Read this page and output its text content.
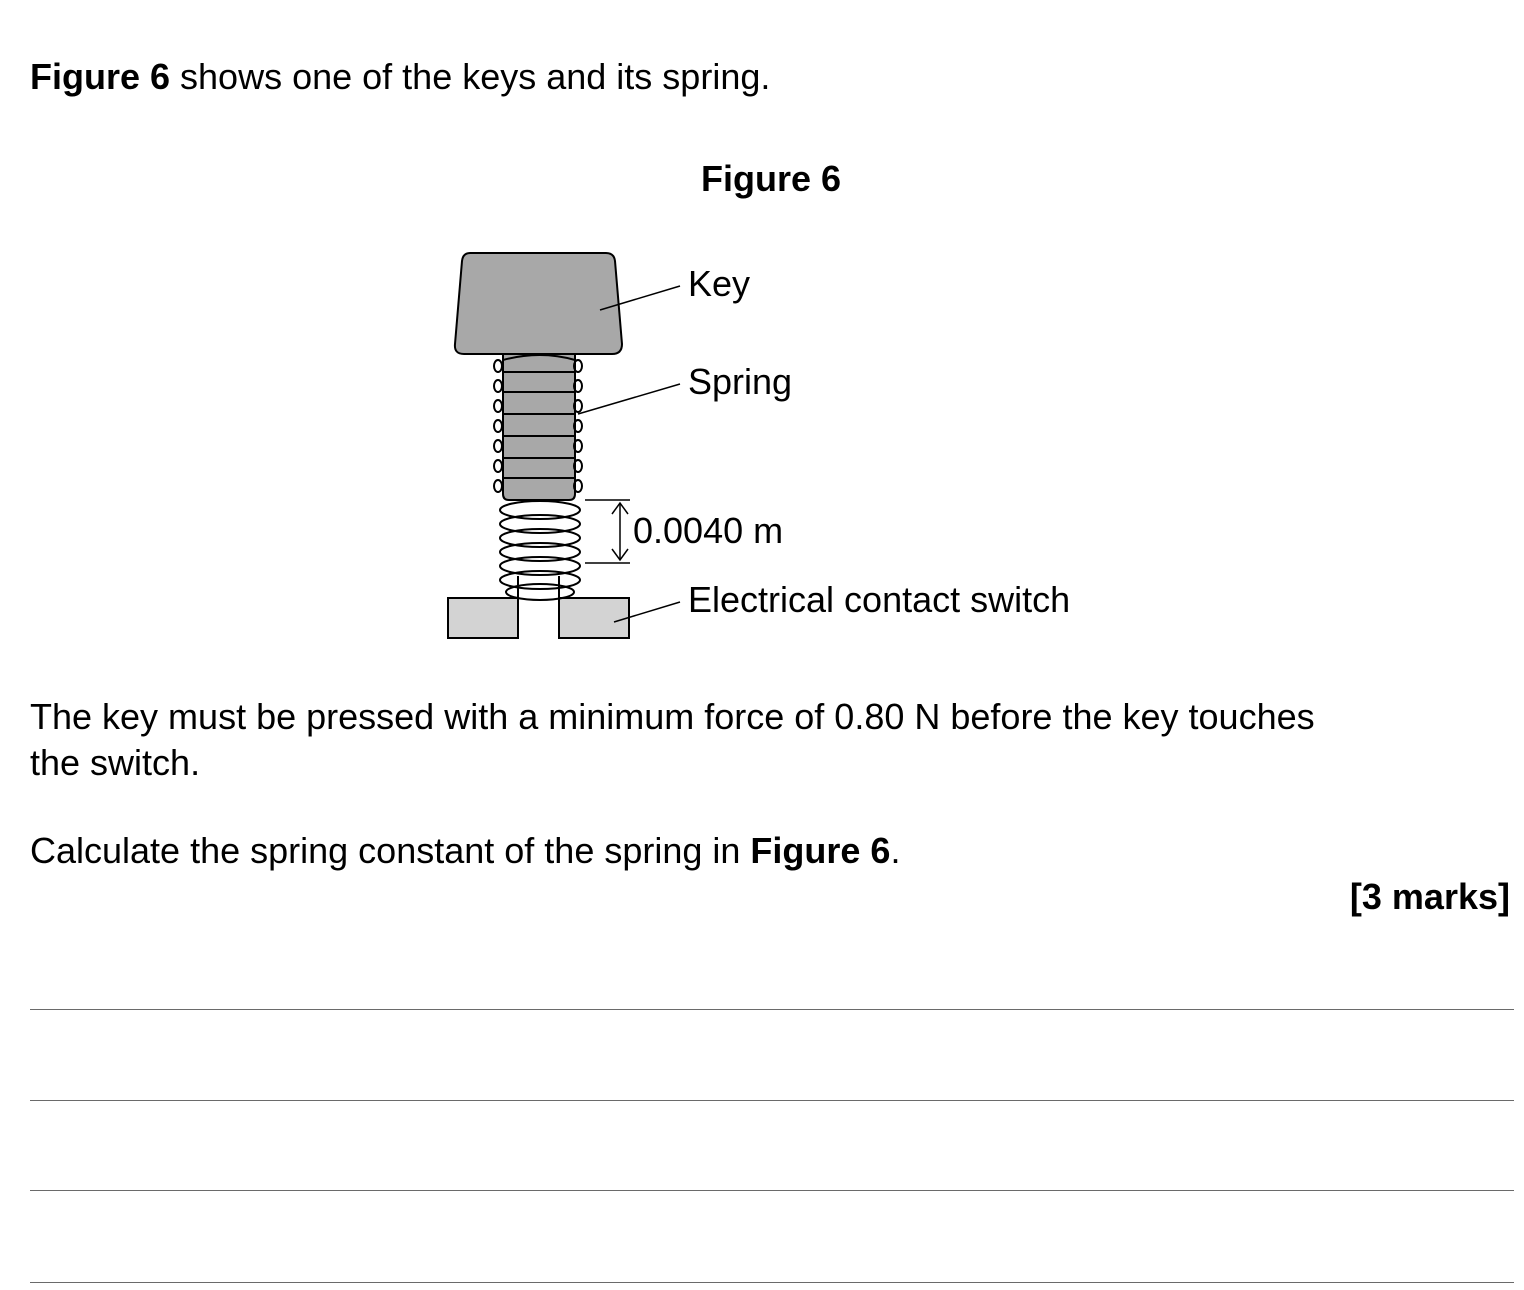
Figure 6 shows one of the keys and its spring.
Figure 6
Key
Spring
0.0040 m
Electrical contact switch
The key must be pressed with a minimum force of 0.80 N before the key touches
the switch.
Calculate the spring constant of the spring in Figure 6.
[3 marks]
